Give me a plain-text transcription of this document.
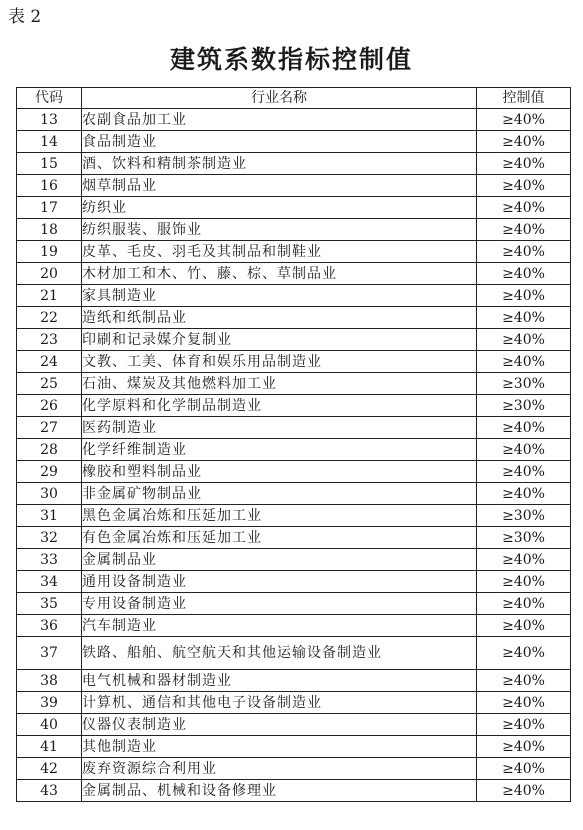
表 2
建筑系数指标控制值
代码	行业名称	控制值
13	农副食品加工业	≥40%
14	食品制造业	≥40%
15	酒、饮料和精制茶制造业	≥40%
16	烟草制品业	≥40%
17	纺织业	≥40%
18	纺织服装、服饰业	≥40%
19	皮革、毛皮、羽毛及其制品和制鞋业	≥40%
20	木材加工和木、竹、藤、棕、草制品业	≥40%
21	家具制造业	≥40%
22	造纸和纸制品业	≥40%
23	印刷和记录媒介复制业	≥40%
24	文教、工美、体育和娱乐用品制造业	≥40%
25	石油、煤炭及其他燃料加工业	≥30%
26	化学原料和化学制品制造业	≥30%
27	医药制造业	≥40%
28	化学纤维制造业	≥40%
29	橡胶和塑料制品业	≥40%
30	非金属矿物制品业	≥40%
31	黑色金属冶炼和压延加工业	≥30%
32	有色金属冶炼和压延加工业	≥30%
33	金属制品业	≥40%
34	通用设备制造业	≥40%
35	专用设备制造业	≥40%
36	汽车制造业	≥40%
37	铁路、船舶、航空航天和其他运输设备制造业	≥40%
38	电气机械和器材制造业	≥40%
39	计算机、通信和其他电子设备制造业	≥40%
40	仪器仪表制造业	≥40%
41	其他制造业	≥40%
42	废弃资源综合利用业	≥40%
43	金属制品、机械和设备修理业	≥40%
